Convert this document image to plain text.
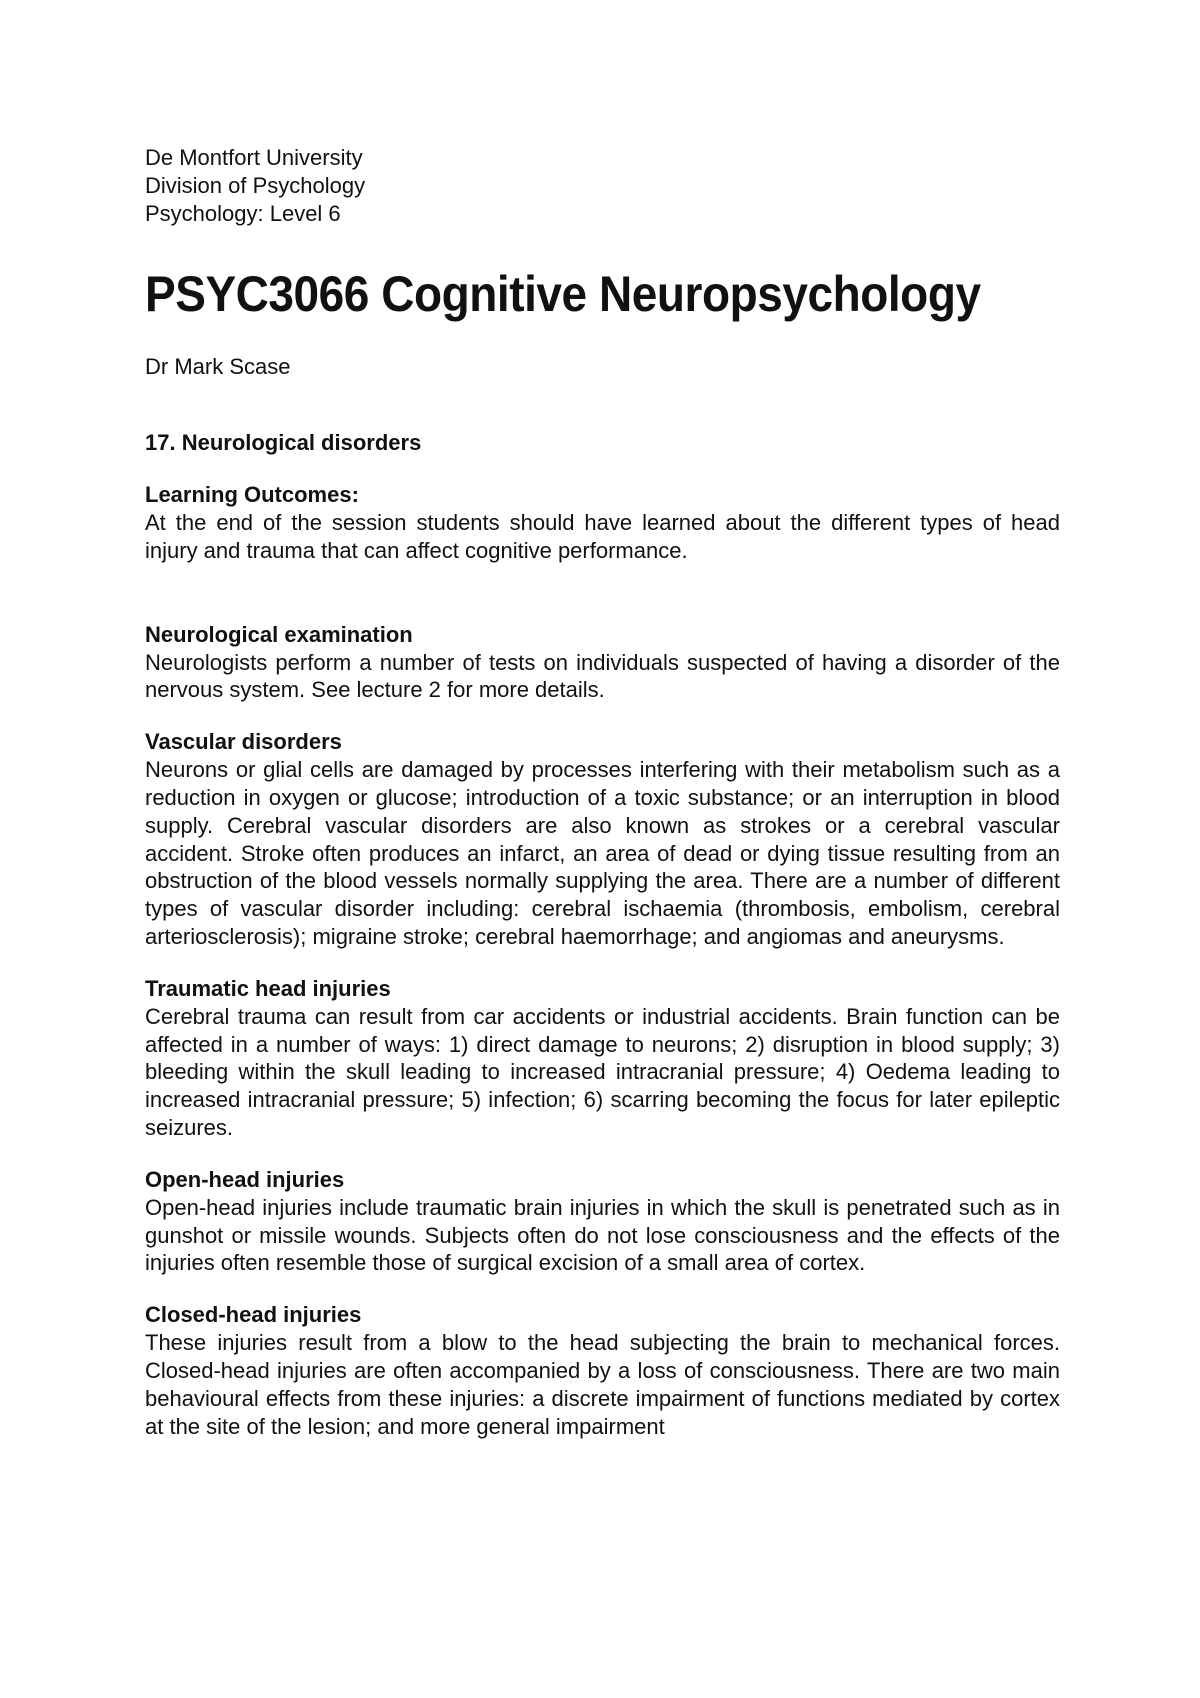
De Montfort University

Division of Psychology

Psychology: Level 6

PSYC3066 Cognitive Neuropsychology

Dr Mark Scase

17. Neurological disorders

Learning Outcomes:

At the end of the session students should have learned about the different types of head injury and trauma that can affect cognitive performance.

Neurological examination

Neurologists perform a number of tests on individuals suspected of having a disorder of the nervous system. See lecture 2 for more details.

Vascular disorders

Neurons or glial cells are damaged by processes interfering with their metabolism such as a reduction in oxygen or glucose; introduction of a toxic substance; or an interruption in blood supply. Cerebral vascular disorders are also known as strokes or a cerebral vascular accident. Stroke often produces an infarct, an area of dead or dying tissue resulting from an obstruction of the blood vessels normally supplying the area. There are a number of different types of vascular disorder including: cerebral ischaemia (thrombosis, embolism, cerebral arteriosclerosis); migraine stroke; cerebral haemorrhage; and angiomas and aneurysms.

Traumatic head injuries

Cerebral trauma can result from car accidents or industrial accidents. Brain function can be affected in a number of ways: 1) direct damage to neurons; 2) disruption in blood supply; 3) bleeding within the skull leading to increased intracranial pressure; 4) Oedema leading to increased intracranial pressure; 5) infection; 6) scarring becoming the focus for later epileptic seizures.

Open-head injuries

Open-head injuries include traumatic brain injuries in which the skull is penetrated such as in gunshot or missile wounds. Subjects often do not lose consciousness and the effects of the injuries often resemble those of surgical excision of a small area of cortex.

Closed-head injuries

These injuries result from a blow to the head subjecting the brain to mechanical forces. Closed-head injuries are often accompanied by a loss of consciousness. There are two main behavioural effects from these injuries: a discrete impairment of functions mediated by cortex at the site of the lesion; and more general impairment
